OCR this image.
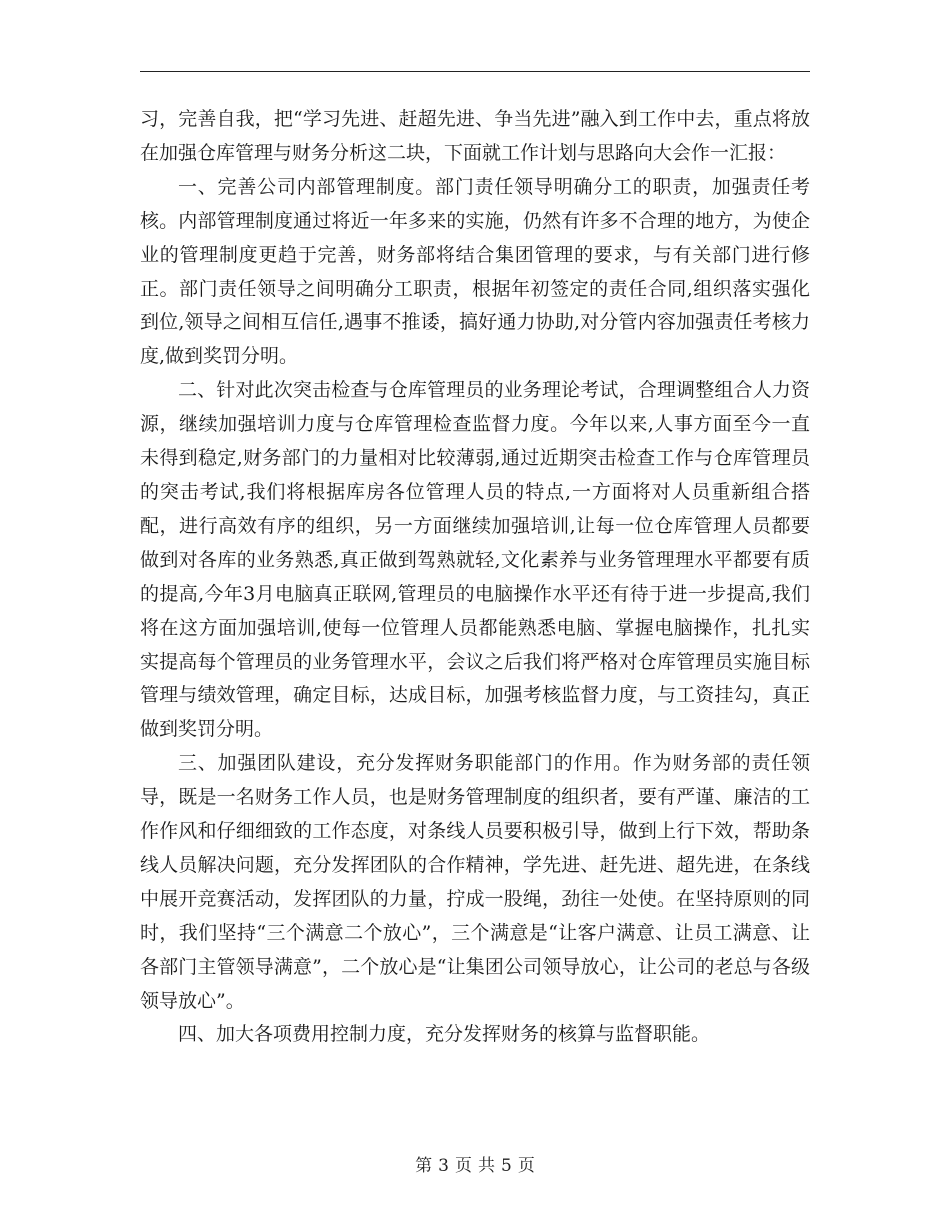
习，完善自我，把“学习先进、赶超先进、争当先进”融入到工作中去，重点将放在加强仓库管理与财务分析这二块，下面就工作计划与思路向大会作一汇报：

一、完善公司内部管理制度。部门责任领导明确分工的职责，加强责任考核。内部管理制度通过将近一年多来的实施，仍然有许多不合理的地方，为使企业的管理制度更趋于完善，财务部将结合集团管理的要求，与有关部门进行修正。部门责任领导之间明确分工职责，根据年初签定的责任合同,组织落实强化到位,领导之间相互信任,遇事不推诿，搞好通力协助,对分管内容加强责任考核力度,做到奖罚分明。

二、针对此次突击检查与仓库管理员的业务理论考试，合理调整组合人力资源，继续加强培训力度与仓库管理检查监督力度。今年以来,人事方面至今一直未得到稳定,财务部门的力量相对比较薄弱,通过近期突击检查工作与仓库管理员的突击考试,我们将根据库房各位管理人员的特点,一方面将对人员重新组合搭配，进行高效有序的组织，另一方面继续加强培训,让每一位仓库管理人员都要做到对各库的业务熟悉,真正做到驾熟就轻,文化素养与业务管理理水平都要有质的提高,今年3月电脑真正联网,管理员的电脑操作水平还有待于进一步提高,我们将在这方面加强培训,使每一位管理人员都能熟悉电脑、掌握电脑操作，扎扎实实提高每个管理员的业务管理水平，会议之后我们将严格对仓库管理员实施目标管理与绩效管理，确定目标，达成目标，加强考核监督力度，与工资挂勾，真正做到奖罚分明。

三、加强团队建设，充分发挥财务职能部门的作用。作为财务部的责任领导，既是一名财务工作人员，也是财务管理制度的组织者，要有严谨、廉洁的工作作风和仔细细致的工作态度，对条线人员要积极引导，做到上行下效，帮助条线人员解决问题，充分发挥团队的合作精神，学先进、赶先进、超先进，在条线中展开竞赛活动，发挥团队的力量，拧成一股绳，劲往一处使。在坚持原则的同时，我们坚持“三个满意二个放心”，三个满意是“让客户满意、让员工满意、让各部门主管领导满意”，二个放心是“让集团公司领导放心，让公司的老总与各级领导放心”。

四、加大各项费用控制力度，充分发挥财务的核算与监督职能。

第 3 页 共 5 页
